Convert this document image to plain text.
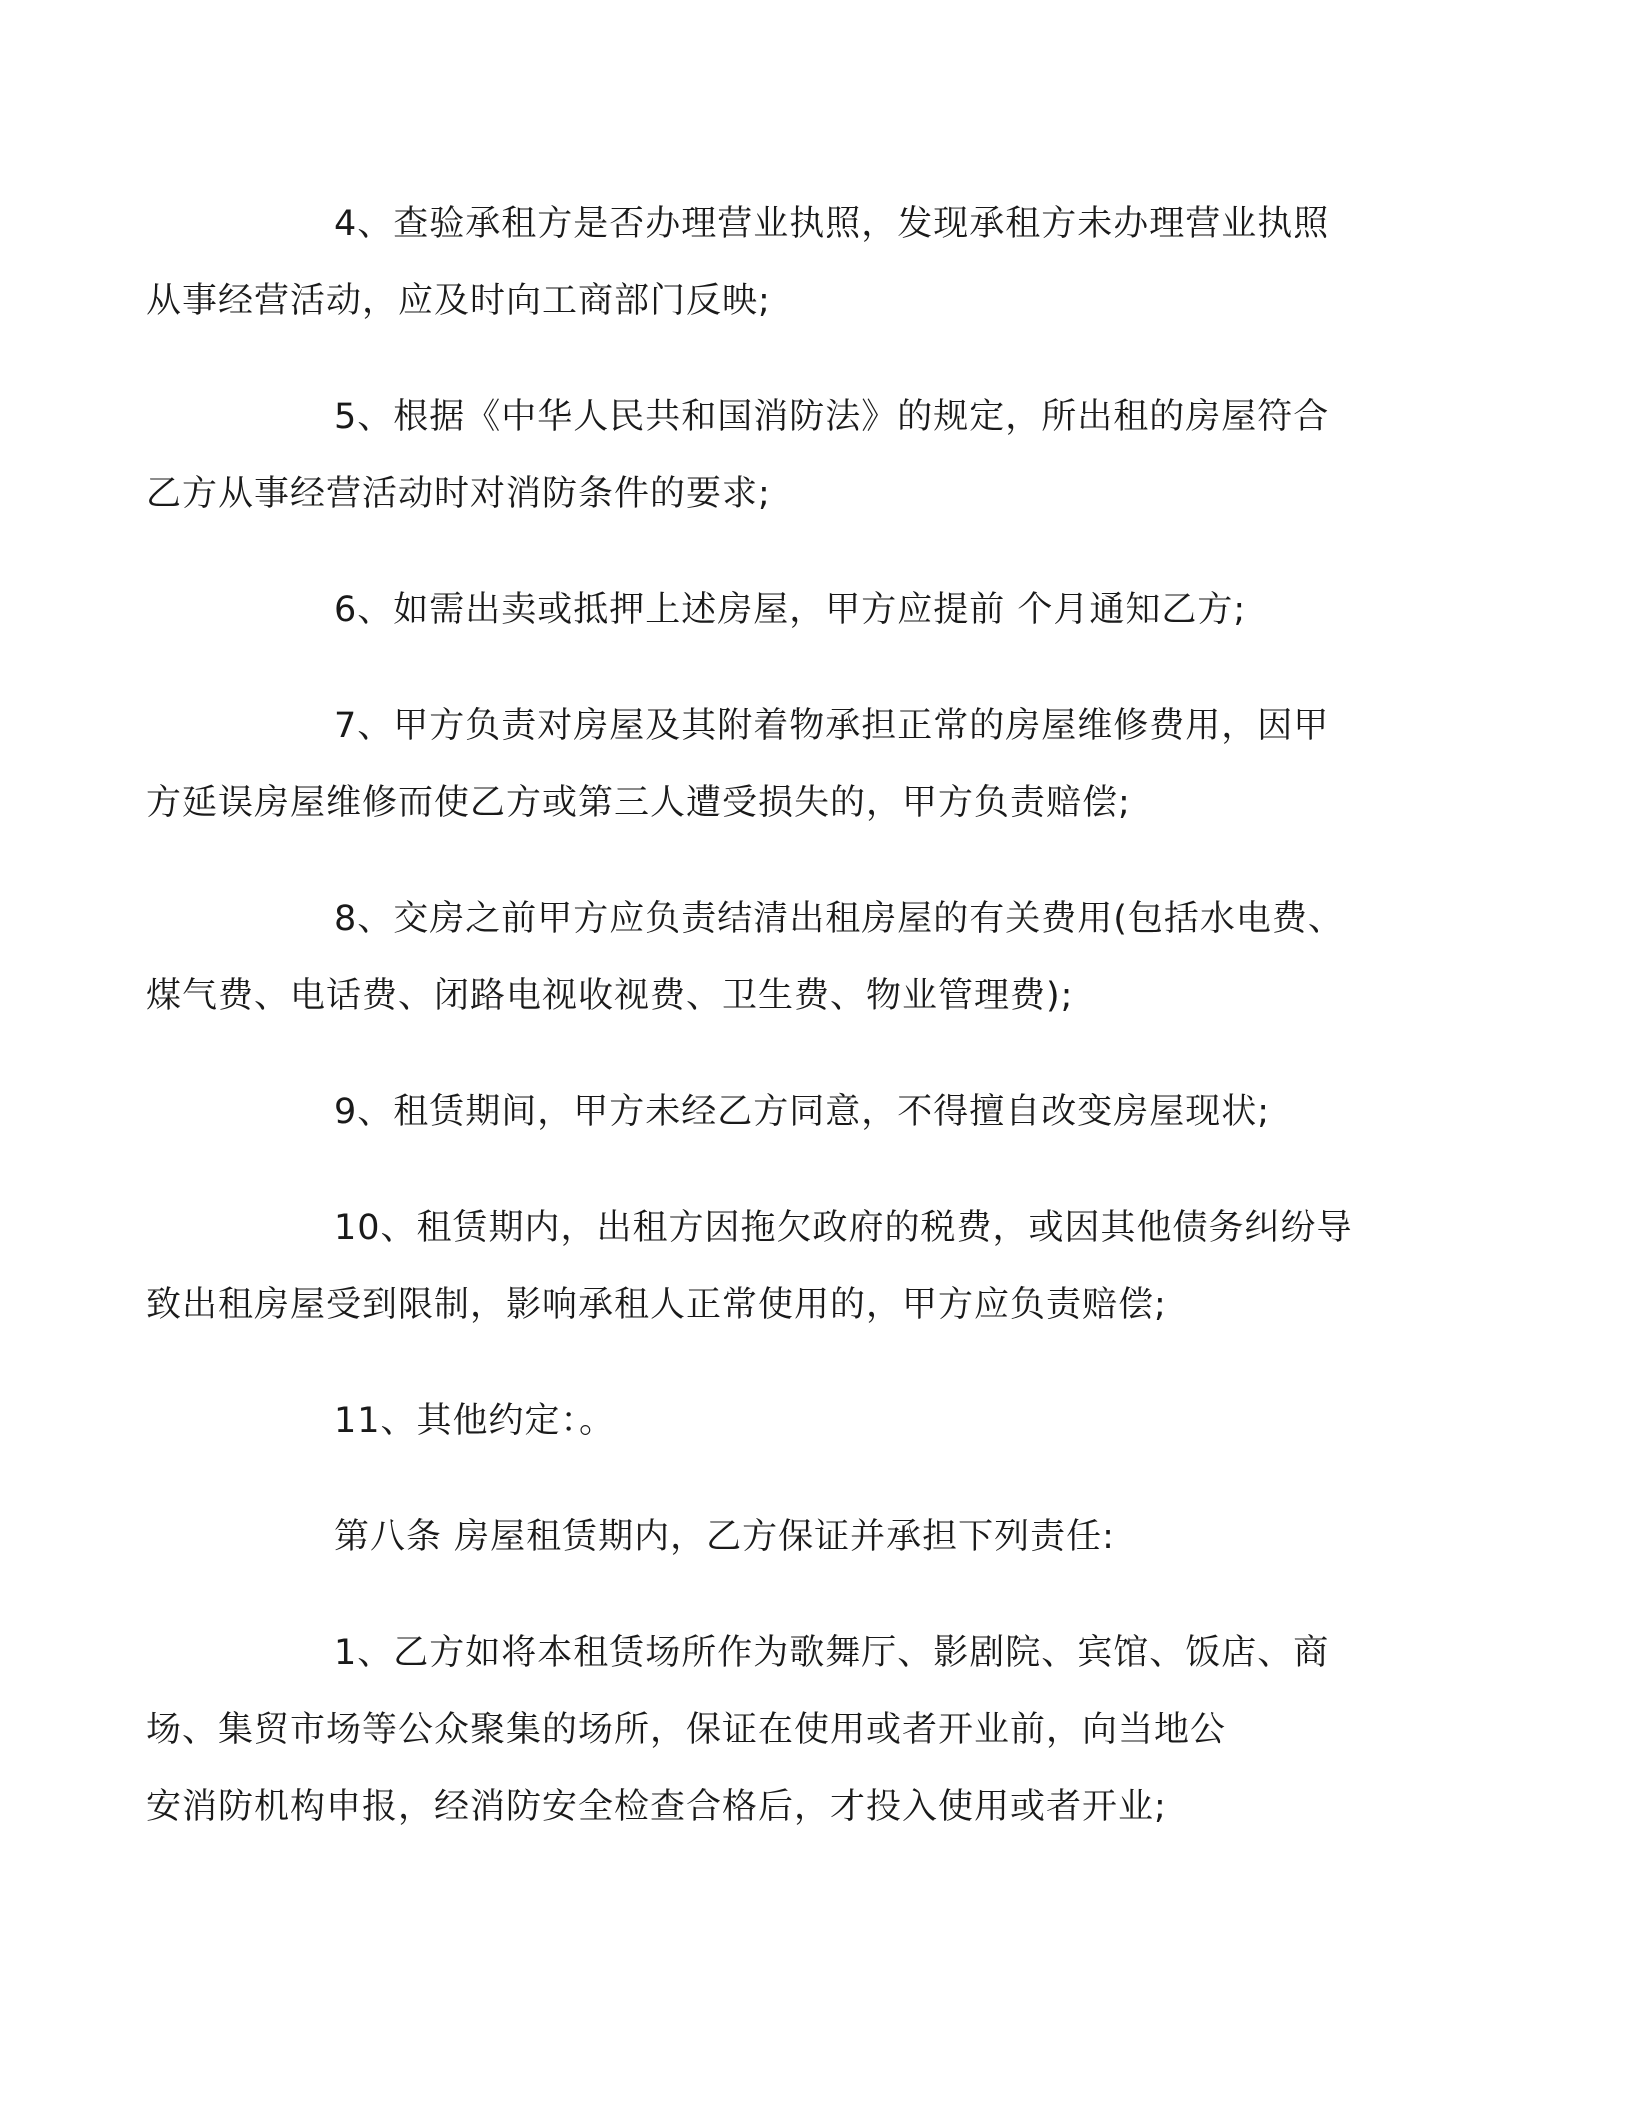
4、查验承租方是否办理营业执照，发现承租方未办理营业执照
从事经营活动，应及时向工商部门反映;

5、根据《中华人民共和国消防法》的规定，所出租的房屋符合
乙方从事经营活动时对消防条件的要求;

6、如需出卖或抵押上述房屋，甲方应提前 个月通知乙方;

7、甲方负责对房屋及其附着物承担正常的房屋维修费用，因甲
方延误房屋维修而使乙方或第三人遭受损失的，甲方负责赔偿;

8、交房之前甲方应负责结清出租房屋的有关费用(包括水电费、
煤气费、电话费、闭路电视收视费、卫生费、物业管理费);

9、租赁期间，甲方未经乙方同意，不得擅自改变房屋现状;

10、租赁期内，出租方因拖欠政府的税费，或因其他债务纠纷导
致出租房屋受到限制，影响承租人正常使用的，甲方应负责赔偿;

11、其他约定：。

第八条 房屋租赁期内，乙方保证并承担下列责任:

1、乙方如将本租赁场所作为歌舞厅、影剧院、宾馆、饭店、商
场、集贸市场等公众聚集的场所，保证在使用或者开业前，向当地公
安消防机构申报，经消防安全检查合格后，才投入使用或者开业;
